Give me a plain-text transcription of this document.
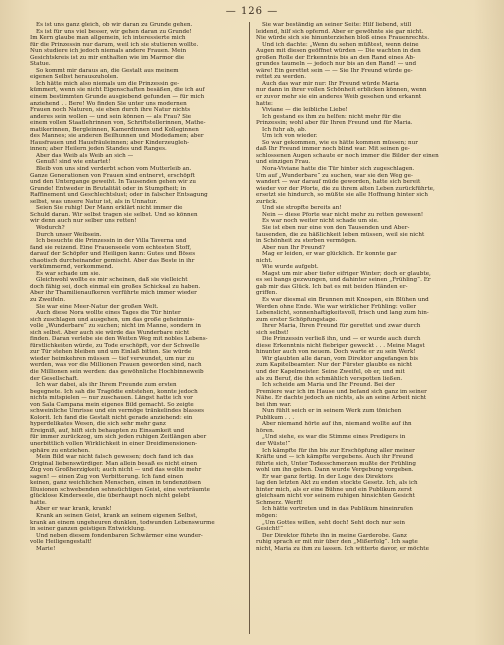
— 126 —
Es ist uns ganz gleich, ob wir daran zu Grunde gehen.
Es ist für uns viel besser, wir gehen daran zu Grunde!
Im Kern glaube man allgemein, ich interessierte mich
für die Prinzessin nur darum, weil ich sie stutieren wollte.
Nun studiere ich jedoch niemals andere Frauen. Mein
Gesichtskreis ist zu mir enthalten wie im Marmor die
Statue.
So kommt mir daraus an, die Gestalt aus meinem
eigenen Selbst herauszuholen.
Ich hätte mich also niemals um die Prinzessin ge-
kümmert, wenn sie nicht Eigenschaften besäßen, die ich auf
einem bestimmten Grunde ausgiebend gefunden — für mich
anziehend . . Bere! Wo finden Sie unter uns modernen
Frauen noch Naturen, sie eben durch ihre Natur nichts
anderes sein wollen — und sein können — als Frau? Sie
einem vollen Staatlehrinnen von, Schriftstellerinnen, Mathe-
matikerinnen, Bergleinnen, Kamerdinnen und Kolleginnen
des Mannes; sie anderen Beilhunnen und Modedamen; aber
Hausfrauen und Hausfräuleinnen; aber Kinderzeugleh-
innen; aber Heilern jeden Standes und Ranges.
Aber das Weib als Weib an sich —
Genuß! sind wie entartet!
Bleib von uns sind verderbt schon vom Mutterleib an.
Ganze Generationen von Frauen sind entnervt, erschöpft
und den Untergange geweiht. In Tausenden gehen wir zu
Grunde! Entweder in Brutalität oder in Stumpfheit; in
Raffinement und Geschlechtslust; oder in falscher Entsagung
selbst, was unsere Natur ist, als in Unnatur.
Seien Sie ruhig! Der Mann erklärt nicht immer die
Schuld daran. Wir selbst tragen sie selbst. Und so können
wir denn auch nur selber uns retten!
Wodurch?
Durch unser Weibsein.
Ich besuchte die Prinzessin in der Villa Taverna und
fand sie reizend. Eine Frauenseele vom echtesten Stoff,
darauf der Schöpfer und Heiligen kann: Gutes und Böses
chaotisch durcheinander gemischt. Aber das Beste in ihr
verkümmernd, verkommend.
Es war schade um sie.
Gleichwohl wollte es mir scheinen, daß sie vielleicht
doch fähig sei, doch einmal ein großes Schicksal zu haben.
Aber ihr Thamilienaufkeren verführte mich immer wieder
zu Zweifeln.
Sie war eine Meer-Natur der großen Welt.
Auch diese Nora wollte eines Tages die Tür hinter
sich zuschlagen und ausgehen, um das große geheimnis-
volle „Wunderbare“ zu suchen; nicht im Manne, sondern in
sich selbst. Aber auch sie würde das Wunderbare nicht
finden. Daran verlebe sie den Weiten Weg mit nobles Lebens-
fürstlichkeiten würde, zu Tode erschöpft, vor der Schwelle
zur Tür stehen bleiben und um Einlaß bitten. Sie würde
wieder heimkehren müssen — tief verwundet, um nur zu
werden, was vor die Millionen Frauen geworden sind, nach
die Millionen sein werden: das gewöhnliche Hochbinneweib
der Gesellschaft.
Ich war dabei, als ihr Ihrem Freunde zum ersten
begegnete. Ich sah die Tragödie entstehen, konnte jedoch
nichts mitspielen — nur zuschauen. Längst hatte ich vor
von Sala Campana mein eigenes Bild gemacht. So zeigte
schweinliche Umrisse und ein vermöge tränkelindes blasses
Kolorit. Ich fand die Gestalt nicht gerade anziehend: ein
hyperdelikates Wesen, die sich sehr mehr ganz
Ereigniß, auf, hilft sich behaupten zu Einsamkeit und
für immer zurückzog, um sich jeden ruhigen Zeitlängen aber
unerbittlich vollen Wirklichkeit in einer Dreidimensionen-
sphäre zu entziehen.
Mein Bild war nicht falsch gewesen; doch fand ich das
Original liebenswürdiger. Man allein besaß es nicht einen
Zug von Großherzigkeit; auch nicht — und das wollte mehr
sagen! — einen Zug von Verbitterung. Ich fand einen
keinen, ganz weichlichen Menschen, einen in tendenziösen
Illusionen schwebenden sehnsüchtigen Geist, eine verträumte
glücklose Kinderseele, die überhaupt noch nicht gelebt
hatte.
Aber er war krank, krank!
Krank an seinen Geist, krank an seinem eigenen Selbst,
krank an einem ungeheuren dunklen, todwunden Lebenswurme
in seiner ganzen geistigen Entwicklung.
Und neben diesem fondenbaren Schwärmer eine wunder-
volle Heiligengestalt!
Marie!
Sie war beständig an seiner Seite: Hilf liebend, still
leidend, hilf sich opfernd. Aber er gewöhnte sie gar nicht.
Nie würde sich sie hinunterziehen bloß eines Frauenrechts.
Und ich dachte: „Wenn du sehen müßtest, wenn deine
Augen mit diesen geöffnet würden — Die wachten in den
großen Rolle der Erkenntnis bis an den Rand eines Ab-
grundes taumeln — jedoch nur bis an den Rand! — und
wäre! Ein gerettet sein — — Sie Ihr Freund würde ge-
rettet zu werden.
Auch das war mir nur: Ihr Freund würde Maria
nur dann in ihrer vollen Schönheit erblicken können, wenn
er zuvor mehr sie ein anderes Weib gesehen und erkannt
hatte:
Viviane — die leibliche Liebe!
Ich gestand es ihm zu helfen: nicht mehr für die
Prinzessin; wohl aber für Ihren Freund und für Maria.
Ich fuhr ab, ab.
Um ich von wieder.
So war gekommen, wie es hätte kommen müssen; nur
daß Ihr Freund immer noch blind war. Mit seinen ge-
schlossenen Augen schaute er noch immer die Bilder der einen
und einzigen Frau.
Nora-Viviane hatte die Tür hinter sich zugeschlagen.
Um auf „Wunderbare“ zu suchen, war sie den Weg ge-
wandert — war darauf müde geworden, hatte sich bereit
wieder vor der Pforte, die zu ihrem alten Leben zurückführte,
ersetzt sie hindurch, so müßte sie alle Hoffnung hinter sich
zurück.
Und sie stropfte bereits an!
Nein — diese Pforte war nicht mehr zu retten gewesen!
Es war noch weiter nicht schade um sie.
Sie ist eben nur eine von den Tausenden und Aber-
tausenden, die zu häßlichkeit leben müssen, weil sie nicht
in Schönheit zu sterben vermögen.
Aber nun Ihr Freund?
Mag er leiden, er war glücklich. Er konnte gar
nicht.
Wie wurde aufgebt.
Magst um mir aber tiefer eifriger Winter; doch er glaubte,
es sei bangs gezwungen, und dahinter seinen „Frühling“. Er
gab mir das Glück. Ich bat es mit beiden Händen er-
griffen.
Es war diesmal ein Brunnen mit Knospen, ein Blühen und
Werden ohne Ende. Wie war wirklicher Frühling: voller
Lebenslicht, sonnenhaftigkeitsvoll, frisch und lang zum hin-
zum erster Schöpfungstage.
Ihrer Maria, Ihren Freund für gerettet und zwar durch
sich selbst!
Die Prinzessin verließ ihn, und — er wurde auch durch
diese Erkenntnis nicht fiebriger geweckt . . . Meine Magst
hinunter auch von neuem. Doch warte er zu sein Werk!
Wir glaubten alle daran, vom Direktor angefangen bis
zum Kapitelbeamter. Nur der Fürster glaubte es nicht
und der Kapelmeister. Seine Zweifel, ob er, und mit
als zu Beruf, die ihn schmählich verspotten ließen.
Ich scheide am Maria und Ihr Freund. Bei der
Premiere war ich im Hause und befand sich ganz im seiner
Nähe. Er dachte jedoch an nichts, als an seine Arbeit nicht
bei ihm war.
Nun fühlt seich er in seinem Werk zum tönichen
Publikum . . .
Aber niemand hörte auf ihn, niemand wollte auf ihn
hören.
„Und siehe, es war die Stimme eines Predigers in
der Wüste!“
Ich kämpfte für ihn bis zur Erschöpfung aller meiner
Kräfte und — ich kämpfte vergebens. Auch ihr Freund
führte sich, Unter Todesschmerzen mußte der Frühling
wohl um ihn geben. Dann wurde Vergebung vorgeben.
Er war ganz fertig. In der Loge des Direktors
lag den letzten Akt zu enden stockte Gesetz. Ich, als ich
hinter mich, als er eine Bühne und ein Publikum zerst
gleichsam nicht vor seinem ruhigen hinsichten Gesicht
Schmerz. Werft!
Ich hätte vortreten und in das Publikum hineinrufen
mögen:
„Um Gottes willen, seht doch! Seht doch nur sein
Gesicht!“
Der Direktor führte ihn in meine Garderobe. Ganz
ruhig sprach er mit mir über den „Mißerfolg“. Ich sagte
nicht, Maria zu ihm zu lassen. Ich witterte davor, er möchte
